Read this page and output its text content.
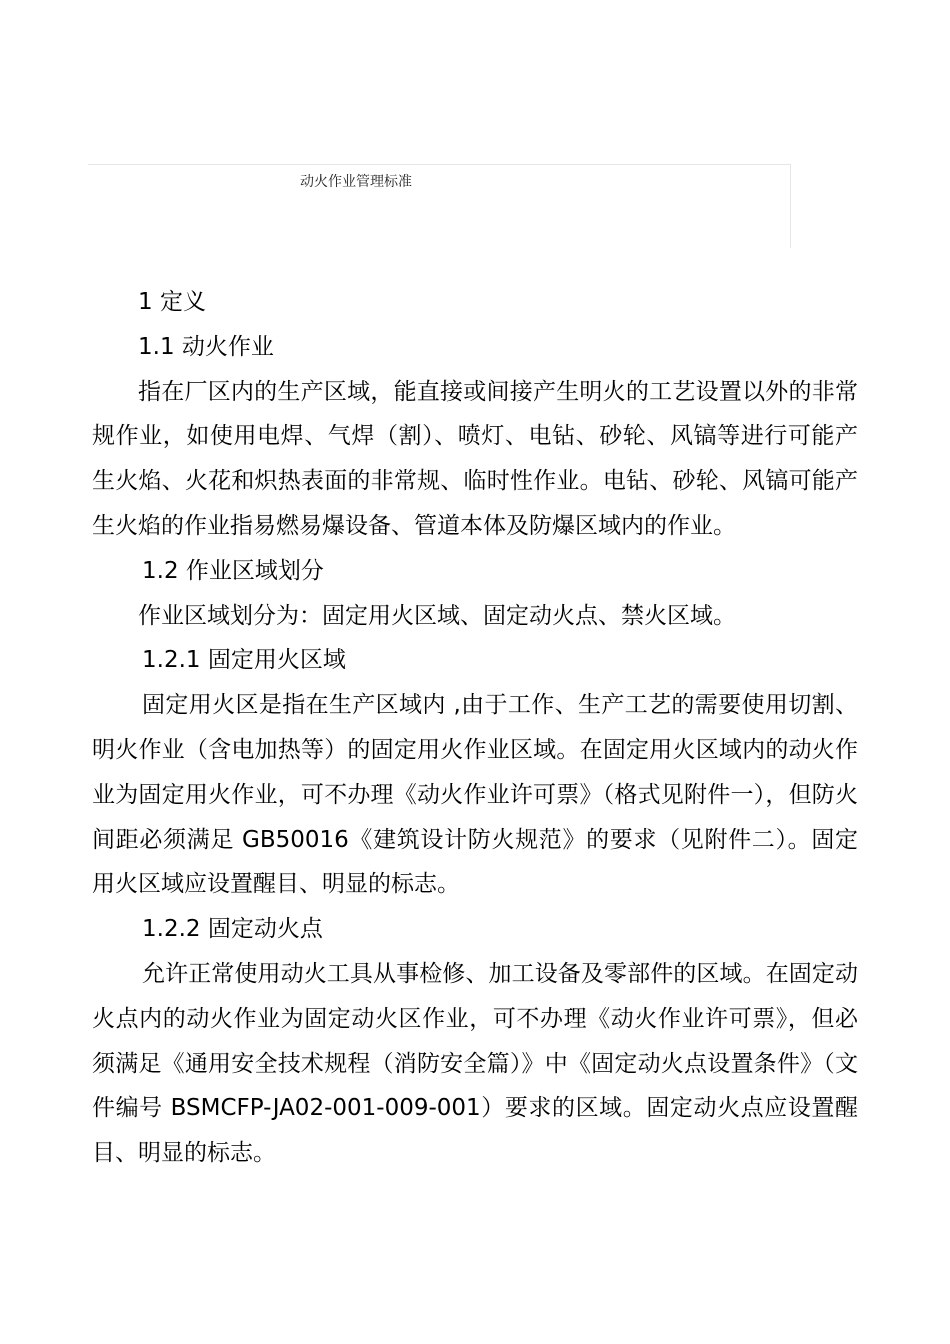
动火作业管理标准

1 定义

1.1 动火作业

指在厂区内的生产区域，能直接或间接产生明火的工艺设置以外的非常规作业，如使用电焊、气焊（割）、喷灯、电钻、砂轮、风镐等进行可能产生火焰、火花和炽热表面的非常规、临时性作业。电钻、砂轮、风镐可能产生火焰的作业指易燃易爆设备、管道本体及防爆区域内的作业。

1.2 作业区域划分

作业区域划分为：固定用火区域、固定动火点、禁火区域。

1.2.1 固定用火区域

固定用火区是指在生产区域内 ,由于工作、生产工艺的需要使用切割、明火作业（含电加热等）的固定用火作业区域。在固定用火区域内的动火作业为固定用火作业，可不办理《动火作业许可票》（格式见附件一），但防火间距必须满足 GB50016《建筑设计防火规范》的要求（见附件二）。固定用火区域应设置醒目、明显的标志。

1.2.2 固定动火点

允许正常使用动火工具从事检修、加工设备及零部件的区域。在固定动火点内的动火作业为固定动火区作业，可不办理《动火作业许可票》，但必须满足《通用安全技术规程（消防安全篇）》中《固定动火点设置条件》（文件编号 BSMCFP-JA02-001-009-001）要求的区域。固定动火点应设置醒目、明显的标志。
